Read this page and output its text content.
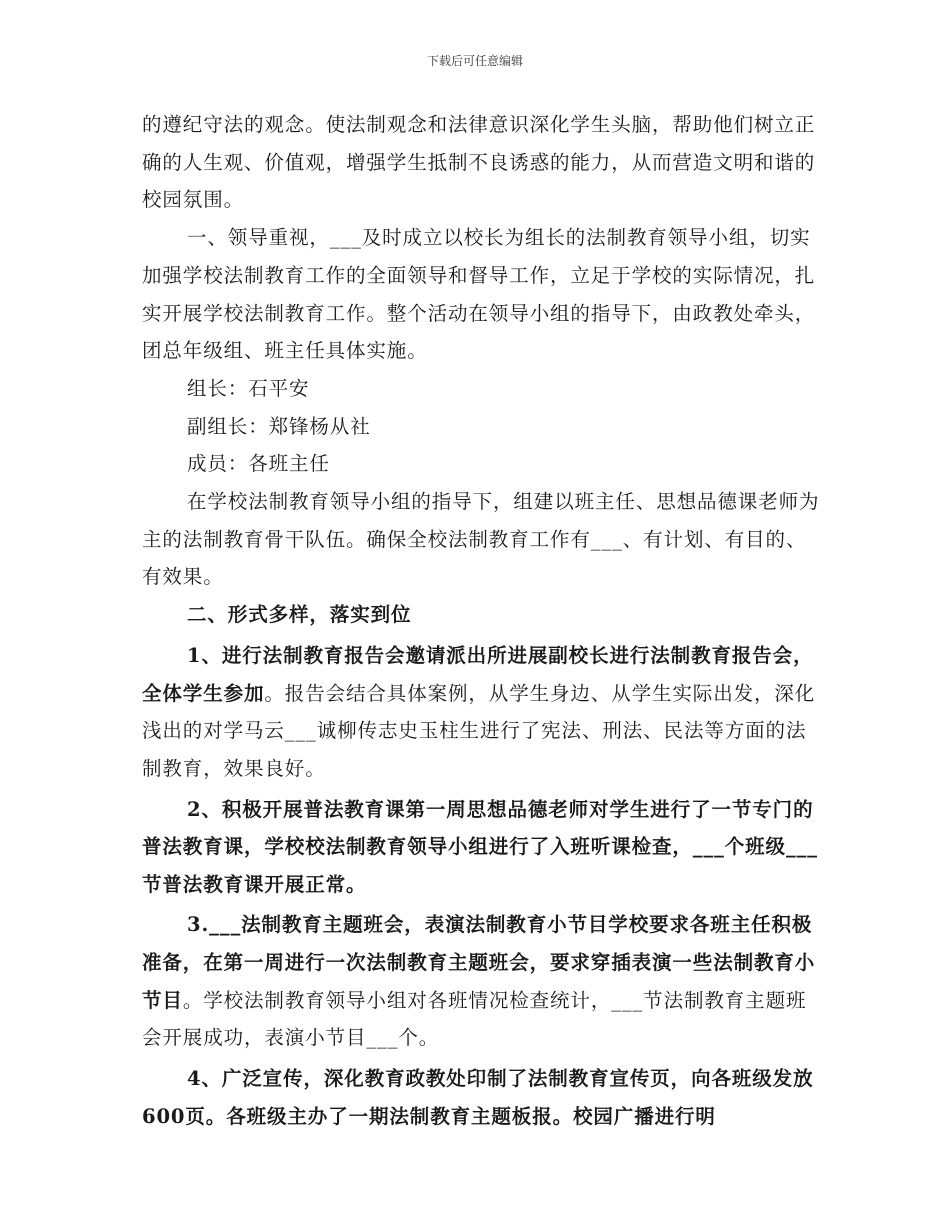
下载后可任意编辑

的遵纪守法的观念。使法制观念和法律意识深化学生头脑，帮助他们树立正确的人生观、价值观，增强学生抵制不良诱惑的能力，从而营造文明和谐的校园氛围。

一、领导重视，___及时成立以校长为组长的法制教育领导小组，切实加强学校法制教育工作的全面领导和督导工作，立足于学校的实际情况，扎实开展学校法制教育工作。整个活动在领导小组的指导下，由政教处牵头，团总年级组、班主任具体实施。

组长：石平安

副组长：郑锋杨从社

成员：各班主任

在学校法制教育领导小组的指导下，组建以班主任、思想品德课老师为主的法制教育骨干队伍。确保全校法制教育工作有___、有计划、有目的、有效果。

二、形式多样，落实到位

1、进行法制教育报告会邀请派出所进展副校长进行法制教育报告会，全体学生参加。报告会结合具体案例，从学生身边、从学生实际出发，深化浅出的对学马云___诚柳传志史玉柱生进行了宪法、刑法、民法等方面的法制教育，效果良好。

2、积极开展普法教育课第一周思想品德老师对学生进行了一节专门的普法教育课，学校校法制教育领导小组进行了入班听课检查，___个班级___节普法教育课开展正常。

3.___法制教育主题班会，表演法制教育小节目学校要求各班主任积极准备，在第一周进行一次法制教育主题班会，要求穿插表演一些法制教育小节目。学校法制教育领导小组对各班情况检查统计，___节法制教育主题班会开展成功，表演小节目___个。

4、广泛宣传，深化教育政教处印制了法制教育宣传页，向各班级发放600页。各班级主办了一期法制教育主题板报。校园广播进行明
